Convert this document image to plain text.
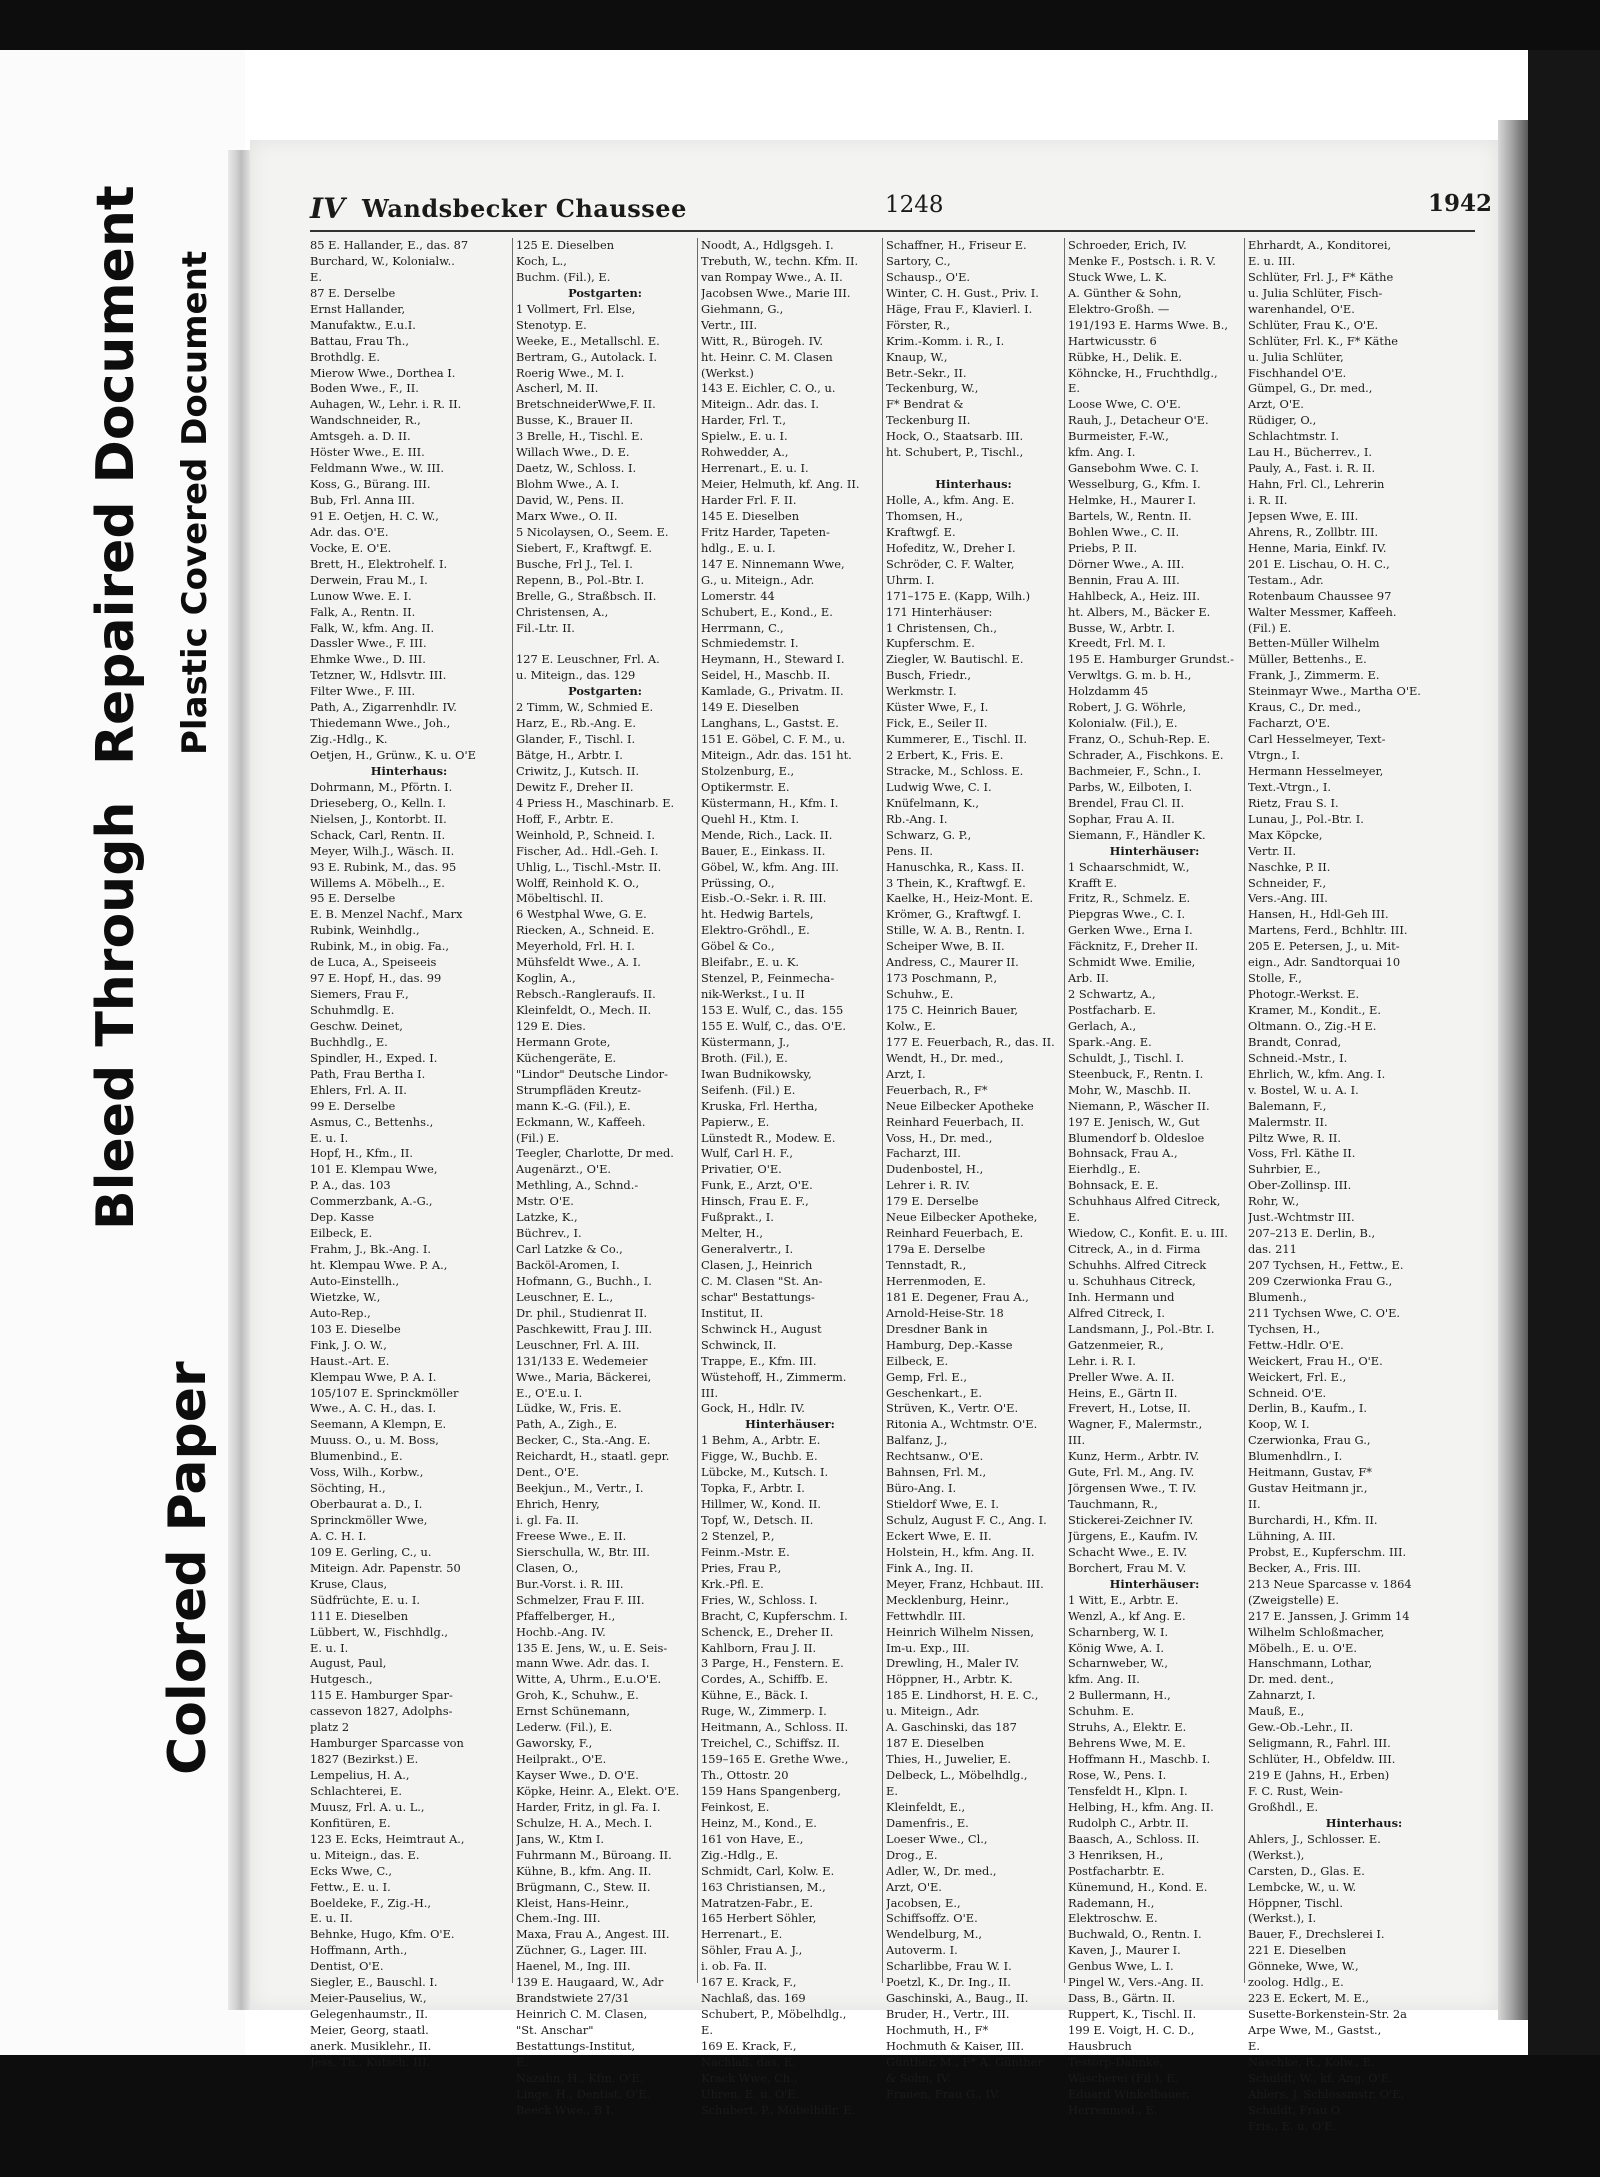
Bleed Through
Repaired Document Plastic Covered Document
Colored Paper
IV Wandsbecker Chaussee	1248	1942
85 E. Hallander, E., das. 87
Burchard, W., Kolonialw..
E.
87 E. Derselbe
Ernst Hallander,
Manufaktw., E.u.I.
Battau, Frau Th.,
Brothdlg. E.
Mierow Wwe., Dorthea I.
Boden Wwe., F., II.
Auhagen, W., Lehr. i. R. II.
Wandschneider, R.,
Amtsgeh. a. D. II.
Höster Wwe., E. III.
Feldmann Wwe., W. III.
Koss, G., Bürang. III.
Bub, Frl. Anna III.
91 E. Oetjen, H. C. W.,
Adr. das. O'E.
Vocke, E. O'E.
Brett, H., Elektrohelf. I.
Derwein, Frau M., I.
Lunow Wwe. E. I.
Falk, A., Rentn. II.
Falk, W., kfm. Ang. II.
Dassler Wwe., F. III.
Ehmke Wwe., D. III.
Tetzner, W., Hdlsvtr. III.
Filter Wwe., F. III.
Path, A., Zigarrenhdlr. IV.
Thiedemann Wwe., Joh.,
Zig.-Hdlg., K.
Oetjen, H., Grünw., K. u. O'E
Hinterhaus:
Dohrmann, M., Pförtn. I.
Drieseberg, O., Kelln. I.
Nielsen, J., Kontorbt. II.
Schack, Carl, Rentn. II.
Meyer, Wilh.J., Wäsch. II.
93 E. Rubink, M., das. 95
Willems A. Möbelh.., E.
95 E. Derselbe
E. B. Menzel Nachf., Marx
Rubink, Weinhdlg.,
Rubink, M., in obig. Fa.,
de Luca, A., Speiseeis
97 E. Hopf, H., das. 99
Siemers, Frau F.,
Schuhmdlg. E.
Geschw. Deinet,
Buchhdlg., E.
Spindler, H., Exped. I.
Path, Frau Bertha I.
Ehlers, Frl. A. II.
99 E. Derselbe
Asmus, C., Bettenhs.,
E. u. I.
Hopf, H., Kfm., II.
101 E. Klempau Wwe,
P. A., das. 103
Commerzbank, A.-G.,
Dep. Kasse
Eilbeck, E.
Frahm, J., Bk.-Ang. I.
ht. Klempau Wwe. P. A.,
Auto-Einstellh.,
Wietzke, W.,
Auto-Rep.,
103 E. Dieselbe
Fink, J. O. W.,
Haust.-Art. E.
Klempau Wwe, P. A. I.
105/107 E. Sprinckmöller
Wwe., A. C. H., das. I.
Seemann, A Klempn, E.
Muuss. O., u. M. Boss,
Blumenbind., E.
Voss, Wilh., Korbw.,
Söchting, H.,
Oberbaurat a. D., I.
Sprinckmöller Wwe,
A. C. H. I.
109 E. Gerling, C., u.
Miteign. Adr. Papenstr. 50
Kruse, Claus,
Südfrüchte, E. u. I.
111 E. Dieselben
Lübbert, W., Fischhdlg.,
E. u. I.
August, Paul,
Hutgesch.,
115 E. Hamburger Spar-
cassevon 1827, Adolphs-
platz 2
Hamburger Sparcasse von
1827 (Bezirkst.) E.
Lempelius, H. A.,
Schlachterei, E.
Muusz, Frl. A. u. L.,
Konfitüren, E.
123 E. Ecks, Heimtraut A.,
u. Miteign., das. E.
Ecks Wwe, C.,
Fettw., E. u. I.
Boeldeke, F., Zig.-H.,
E. u. II.
Behnke, Hugo, Kfm. O'E.
Hoffmann, Arth.,
Dentist, O'E.
Siegler, E., Bauschl. I.
Meier-Pauselius, W.,
Gelegenhaumstr., II.
Meier, Georg, staatl.
anerk. Musiklehr., II.
Jess, Th., Kutsch. III.
125 E. Dieselben
Koch, L.,
Buchm. (Fil.), E.
Postgarten:
1 Vollmert, Frl. Else,
Stenotyp. E.
Weeke, E., Metallschl. E.
Bertram, G., Autolack. I.
Roerig Wwe., M. I.
Ascherl, M. II.
BretschneiderWwe,F. II.
Busse, K., Brauer II.
3 Brelle, H., Tischl. E.
Willach Wwe., D. E.
Daetz, W., Schloss. I.
Blohm Wwe., A. I.
David, W., Pens. II.
Marx Wwe., O. II.
5 Nicolaysen, O., Seem. E.
Siebert, F., Kraftwgf. E.
Busche, Frl J., Tel. I.
Repenn, B., Pol.-Btr. I.
Brelle, G., Straßbsch. II.
Christensen, A.,
Fil.-Ltr. II.
127 E. Leuschner, Frl. A.
u. Miteign., das. 129
Postgarten:
2 Timm, W., Schmied E.
Harz, E., Rb.-Ang. E.
Glander, F., Tischl. I.
Bätge, H., Arbtr. I.
Criwitz, J., Kutsch. II.
Dewitz F., Dreher II.
4 Priess H., Maschinarb. E.
Hoff, F., Arbtr. E.
Weinhold, P., Schneid. I.
Fischer, Ad.. Hdl.-Geh. I.
Uhlig, L., Tischl.-Mstr. II.
Wolff, Reinhold K. O.,
Möbeltischl. II.
6 Westphal Wwe, G. E.
Riecken, A., Schneid. E.
Meyerhold, Frl. H. I.
Mühsfeldt Wwe., A. I.
Koglin, A.,
Rebsch.-Rangleraufs. II.
Kleinfeldt, O., Mech. II.
129 E. Dies.
Hermann Grote,
Küchengeräte, E.
"Lindor" Deutsche Lindor-
Strumpfläden Kreutz-
mann K.-G. (Fil.), E.
Eckmann, W., Kaffeeh.
(Fil.) E.
Teegler, Charlotte, Dr med.
Augenärzt., O'E.
Methling, A., Schnd.-
Mstr. O'E.
Latzke, K.,
Büchrev., I.
Carl Latzke & Co.,
Backöl-Aromen, I.
Hofmann, G., Buchh., I.
Leuschner, E. L.,
Dr. phil., Studienrat II.
Paschkewitt, Frau J. III.
Leuschner, Frl. A. III.
131/133 E. Wedemeier
Wwe., Maria, Bäckerei,
E., O'E.u. I.
Lüdke, W., Fris. E.
Path, A., Zigh., E.
Becker, C., Sta.-Ang. E.
Reichardt, H., staatl. gepr.
Dent., O'E.
Beekjun., M., Vertr., I.
Ehrich, Henry,
i. gl. Fa. II.
Freese Wwe., E. II.
Sierschulla, W., Btr. III.
Clasen, O.,
Bur.-Vorst. i. R. III.
Schmelzer, Frau F. III.
Pfaffelberger, H.,
Hochb.-Ang. IV.
135 E. Jens, W., u. E. Seis-
mann Wwe. Adr. das. I.
Witte, A, Uhrm., E.u.O'E.
Groh, K., Schuhw., E.
Ernst Schünemann,
Lederw. (Fil.), E.
Gaworsky, F.,
Heilprakt., O'E.
Kayser Wwe., D. O'E.
Köpke, Heinr. A., Elekt. O'E.
Harder, Fritz, in gl. Fa. I.
Schulze, H. A., Mech. I.
Jans, W., Ktm I.
Fuhrmann M., Büroang. II.
Kühne, B., kfm. Ang. II.
Brügmann, C., Stew. II.
Kleist, Hans-Heinr.,
Chem.-Ing. III.
Maxa, Frau A., Angest. III.
Züchner, G., Lager. III.
Haenel, M., Ing. III.
139 E. Haugaard, W., Adr
Brandstwiete 27/31
Heinrich C. M. Clasen,
"St. Anschar"
Bestattungs-Institut,
E.
Nazahn, H., Kfm. O'E.
Linge, H., Dentist, O'E.
Beeck Wwe., B I.
Noodt, A., Hdlgsgeh. I.
Trebuth, W., techn. Kfm. II.
van Rompay Wwe., A. II.
Jacobsen Wwe., Marie III.
Giehmann, G.,
Vertr., III.
Witt, R., Bürogeh. IV.
ht. Heinr. C. M. Clasen
(Werkst.)
143 E. Eichler, C. O., u.
Miteign.. Adr. das. I.
Harder, Frl. T.,
Spielw., E. u. I.
Rohwedder, A.,
Herrenart., E. u. I.
Meier, Helmuth, kf. Ang. II.
Harder Frl. F. II.
145 E. Dieselben
Fritz Harder, Tapeten-
hdlg., E. u. I.
147 E. Ninnemann Wwe,
G., u. Miteign., Adr.
Lomerstr. 44
Schubert, E., Kond., E.
Herrmann, C.,
Schmiedemstr. I.
Heymann, H., Steward I.
Seidel, H., Maschb. II.
Kamlade, G., Privatm. II.
149 E. Dieselben
Langhans, L., Gastst. E.
151 E. Göbel, C. F. M., u.
Miteign., Adr. das. 151 ht.
Stolzenburg, E.,
Optikermstr. E.
Küstermann, H., Kfm. I.
Quehl H., Ktm. I.
Mende, Rich., Lack. II.
Bauer, E., Einkass. II.
Göbel, W., kfm. Ang. III.
Prüssing, O.,
Eisb.-O.-Sekr. i. R. III.
ht. Hedwig Bartels,
Elektro-Gröhdl., E.
Göbel & Co.,
Bleifabr., E. u. K.
Stenzel, P., Feinmecha-
nik-Werkst., I u. II
153 E. Wulf, C., das. 155
155 E. Wulf, C., das. O'E.
Küstermann, J.,
Broth. (Fil.), E.
Iwan Budnikowsky,
Seifenh. (Fil.) E.
Kruska, Frl. Hertha,
Papierw., E.
Lünstedt R., Modew. E.
Wulf, Carl H. F.,
Privatier, O'E.
Funk, E., Arzt, O'E.
Hinsch, Frau E. F.,
Fußprakt., I.
Melter, H.,
Generalvertr., I.
Clasen, J., Heinrich
C. M. Clasen "St. An-
schar" Bestattungs-
Institut, II.
Schwinck H., August
Schwinck, II.
Trappe, E., Kfm. III.
Wüstehoff, H., Zimmerm.
III.
Gock, H., Hdlr. IV.
Hinterhäuser:
1 Behm, A., Arbtr. E.
Figge, W., Buchb. E.
Lübcke, M., Kutsch. I.
Topka, F., Arbtr. I.
Hillmer, W., Kond. II.
Topf, W., Detsch. II.
2 Stenzel, P.,
Feinm.-Mstr. E.
Pries, Frau P.,
Krk.-Pfl. E.
Fries, W., Schloss. I.
Bracht, C, Kupferschm. I.
Schenck, E., Dreher II.
Kahlborn, Frau J. II.
3 Parge, H., Fenstern. E.
Cordes, A., Schiffb. E.
Kühne, E., Bäck. I.
Ruge, W., Zimmerp. I.
Heitmann, A., Schloss. II.
Treichel, C., Schiffsz. II.
159–165 E. Grethe Wwe.,
Th., Ottostr. 20
159 Hans Spangenberg,
Feinkost, E.
Heinz, M., Kond., E.
161 von Have, E.,
Zig.-Hdlg., E.
Schmidt, Carl, Kolw. E.
163 Christiansen, M.,
Matratzen-Fabr., E.
165 Herbert Söhler,
Herrenart., E.
Söhler, Frau A. J.,
i. ob. Fa. II.
167 E. Krack, F.,
Nachlaß, das. 169
Schubert, P., Möbelhdlg.,
E.
169 E. Krack, F.,
Nachlaß, das. E.
Krack Wwe, Ch.,
Uhren, E. u. O'E.
Schubert, P., Möbelhdlr. E.
Schaffner, H., Friseur E.
Sartory, C.,
Schausp., O'E.
Winter, C. H. Gust., Priv. I.
Häge, Frau F., Klavierl. I.
Förster, R.,
Krim.-Komm. i. R., I.
Knaup, W.,
Betr.-Sekr., II.
Teckenburg, W.,
F* Bendrat &
Teckenburg II.
Hock, O., Staatsarb. III.
ht. Schubert, P., Tischl.,
Hinterhaus:
Holle, A., kfm. Ang. E.
Thomsen, H.,
Kraftwgf. E.
Hofeditz, W., Dreher I.
Schröder, C. F. Walter,
Uhrm. I.
171–175 E. (Kapp, Wilh.)
171 Hinterhäuser:
1 Christensen, Ch.,
Kupferschm. E.
Ziegler, W. Bautischl. E.
Busch, Friedr.,
Werkmstr. I.
Küster Wwe, F., I.
Fick, E., Seiler II.
Kummerer, E., Tischl. II.
2 Erbert, K., Fris. E.
Stracke, M., Schloss. E.
Ludwig Wwe, C. I.
Knüfelmann, K.,
Rb.-Ang. I.
Schwarz, G. P.,
Pens. II.
Hanuschka, R., Kass. II.
3 Thein, K., Kraftwgf. E.
Kaelke, H., Heiz-Mont. E.
Krömer, G., Kraftwgf. I.
Stille, W. A. B., Rentn. I.
Scheiper Wwe, B. II.
Andress, C., Maurer II.
173 Poschmann, P.,
Schuhw., E.
175 C. Heinrich Bauer,
Kolw., E.
177 E. Feuerbach, R., das. II.
Wendt, H., Dr. med.,
Arzt, I.
Feuerbach, R., F*
Neue Eilbecker Apotheke
Reinhard Feuerbach, II.
Voss, H., Dr. med.,
Facharzt, III.
Dudenbostel, H.,
Lehrer i. R. IV.
179 E. Derselbe
Neue Eilbecker Apotheke,
Reinhard Feuerbach, E.
179a E. Derselbe
Tennstadt, R.,
Herrenmoden, E.
181 E. Degener, Frau A.,
Arnold-Heise-Str. 18
Dresdner Bank in
Hamburg, Dep.-Kasse
Eilbeck, E.
Gemp, Frl. E.,
Geschenkart., E.
Strüven, K., Vertr. O'E.
Ritonia A., Wchtmstr. O'E.
Balfanz, J.,
Rechtsanw., O'E.
Bahnsen, Frl. M.,
Büro-Ang. I.
Stieldorf Wwe, E. I.
Schulz, August F. C., Ang. I.
Eckert Wwe, E. II.
Holstein, H., kfm. Ang. II.
Fink A., Ing. II.
Meyer, Franz, Hchbaut. III.
Mecklenburg, Heinr.,
Fettwhdlr. III.
Heinrich Wilhelm Nissen,
Im-u. Exp., III.
Drewling, H., Maler IV.
Höppner, H., Arbtr. K.
185 E. Lindhorst, H. E. C.,
u. Miteign., Adr.
A. Gaschinski, das 187
187 E. Dieselben
Thies, H., Juwelier, E.
Delbeck, L., Möbelhdlg.,
E.
Kleinfeldt, E.,
Damenfris., E.
Loeser Wwe., Cl.,
Drog., E.
Adler, W., Dr. med.,
Arzt, O'E.
Jacobsen, E.,
Schiffsoffz. O'E.
Wendelburg, M.,
Autoverm. I.
Scharlibbe, Frau W. I.
Poetzl, K., Dr. Ing., II.
Gaschinski, A., Baug., II.
Bruder, H., Vertr., III.
Hochmuth, H., F*
Hochmuth & Kaiser, III.
Günther, M., F* A. Günther
& Sohn, IV.
Frauen, Frau G., IV.
Schroeder, Erich, IV.
Menke F., Postsch. i. R. V.
Stuck Wwe, L. K.
A. Günther & Sohn,
Elektro-Großh. —
191/193 E. Harms Wwe. B.,
Hartwicusstr. 6
Rübke, H., Delik. E.
Köhncke, H., Fruchthdlg.,
E.
Loose Wwe, C. O'E.
Rauh, J., Detacheur O'E.
Burmeister, F.-W.,
kfm. Ang. I.
Gansebohm Wwe. C. I.
Wesselburg, G., Kfm. I.
Helmke, H., Maurer I.
Bartels, W., Rentn. II.
Bohlen Wwe., C. II.
Priebs, P. II.
Dörner Wwe., A. III.
Bennin, Frau A. III.
Hahlbeck, A., Heiz. III.
ht. Albers, M., Bäcker E.
Busse, W., Arbtr. I.
Kreedt, Frl. M. I.
195 E. Hamburger Grundst.-
Verwltgs. G. m. b. H.,
Holzdamm 45
Robert, J. G. Wöhrle,
Kolonialw. (Fil.), E.
Franz, O., Schuh-Rep. E.
Schrader, A., Fischkons. E.
Bachmeier, F., Schn., I.
Parbs, W., Eilboten, I.
Brendel, Frau Cl. II.
Sophar, Frau A. II.
Siemann, F., Händler K.
Hinterhäuser:
1 Schaarschmidt, W.,
Krafft E.
Fritz, R., Schmelz. E.
Piepgras Wwe., C. I.
Gerken Wwe., Erna I.
Fäcknitz, F., Dreher II.
Schmidt Wwe. Emilie,
Arb. II.
2 Schwartz, A.,
Postfacharb. E.
Gerlach, A.,
Spark.-Ang. E.
Schuldt, J., Tischl. I.
Steenbuck, F., Rentn. I.
Mohr, W., Maschb. II.
Niemann, P., Wäscher II.
197 E. Jenisch, W., Gut
Blumendorf b. Oldesloe
Bohnsack, Frau A.,
Eierhdlg., E.
Bohnsack, E. E.
Schuhhaus Alfred Citreck,
E.
Wiedow, C., Konfit. E. u. III.
Citreck, A., in d. Firma
Schuhhs. Alfred Citreck
u. Schuhhaus Citreck,
Inh. Hermann und
Alfred Citreck, I.
Landsmann, J., Pol.-Btr. I.
Gatzenmeier, R.,
Lehr. i. R. I.
Preller Wwe. A. II.
Heins, E., Gärtn II.
Frevert, H., Lotse, II.
Wagner, F., Malermstr.,
III.
Kunz, Herm., Arbtr. IV.
Gute, Frl. M., Ang. IV.
Jörgensen Wwe., T. IV.
Tauchmann, R.,
Stickerei-Zeichner IV.
Jürgens, E., Kaufm. IV.
Schacht Wwe., E. IV.
Borchert, Frau M. V.
Hinterhäuser:
1 Witt, E., Arbtr. E.
Wenzl, A., kf Ang. E.
Scharnberg, W. I.
König Wwe, A. I.
Scharnweber, W.,
kfm. Ang. II.
2 Bullermann, H.,
Schuhm. E.
Struhs, A., Elektr. E.
Behrens Wwe, M. E.
Hoffmann H., Maschb. I.
Rose, W., Pens. I.
Tensfeldt H., Klpn. I.
Helbing, H., kfm. Ang. II.
Rudolph C., Arbtr. II.
Baasch, A., Schloss. II.
3 Henriksen, H.,
Postfacharbtr. E.
Künemund, H., Kond. E.
Rademann, H.,
Elektroschw. E.
Buchwald, O., Rentn. I.
Kaven, J., Maurer I.
Genbus Wwe, L. I.
Pingel W., Vers.-Ang. II.
Dass, B., Gärtn. II.
Ruppert, K., Tischl. II.
199 E. Voigt, H. C. D.,
Hausbruch
Testorp-Dahnke,
Wäscherei (Fil.), E.
Eduard Winkelbauer,
Herrenmod., E.
Ehrhardt, A., Konditorei,
E. u. III.
Schlüter, Frl. J., F* Käthe
u. Julia Schlüter, Fisch-
warenhandel, O'E.
Schlüter, Frau K., O'E.
Schlüter, Frl. K., F* Käthe
u. Julia Schlüter,
Fischhandel O'E.
Gümpel, G., Dr. med.,
Arzt, O'E.
Rüdiger, O.,
Schlachtmstr. I.
Lau H., Bücherrev., I.
Pauly, A., Fast. i. R. II.
Hahn, Frl. Cl., Lehrerin
i. R. II.
Jepsen Wwe, E. III.
Ahrens, R., Zollbtr. III.
Henne, Maria, Einkf. IV.
201 E. Lischau, O. H. C.,
Testam., Adr.
Rotenbaum Chaussee 97
Walter Messmer, Kaffeeh.
(Fil.) E.
Betten-Müller Wilhelm
Müller, Bettenhs., E.
Frank, J., Zimmerm. E.
Steinmayr Wwe., Martha O'E.
Kraus, C., Dr. med.,
Facharzt, O'E.
Carl Hesselmeyer, Text-
Vtrgn., I.
Hermann Hesselmeyer,
Text.-Vtrgn., I.
Rietz, Frau S. I.
Lunau, J., Pol.-Btr. I.
Max Köpcke,
Vertr. II.
Naschke, P. II.
Schneider, F.,
Vers.-Ang. III.
Hansen, H., Hdl-Geh III.
Martens, Ferd., Bchhltr. III.
205 E. Petersen, J., u. Mit-
eign., Adr. Sandtorquai 10
Stolle, F.,
Photogr.-Werkst. E.
Kramer, M., Kondit., E.
Oltmann. O., Zig.-H E.
Brandt, Conrad,
Schneid.-Mstr., I.
Ehrlich, W., kfm. Ang. I.
v. Bostel, W. u. A. I.
Balemann, F.,
Malermstr. II.
Piltz Wwe, R. II.
Voss, Frl. Käthe II.
Suhrbier, E.,
Ober-Zollinsp. III.
Rohr, W.,
Just.-Wchtmstr III.
207–213 E. Derlin, B.,
das. 211
207 Tychsen, H., Fettw., E.
209 Czerwionka Frau G.,
Blumenh.,
211 Tychsen Wwe, C. O'E.
Tychsen, H.,
Fettw.-Hdlr. O'E.
Weickert, Frau H., O'E.
Weickert, Frl. E.,
Schneid. O'E.
Derlin, B., Kaufm., I.
Koop, W. I.
Czerwionka, Frau G.,
Blumenhdlrn., I.
Heitmann, Gustav, F*
Gustav Heitmann jr.,
II.
Burchardi, H., Kfm. II.
Lühning, A. III.
Probst, E., Kupferschm. III.
Becker, A., Fris. III.
213 Neue Sparcasse v. 1864
(Zweigstelle) E.
217 E. Janssen, J. Grimm 14
Wilhelm Schloßmacher,
Möbelh., E. u. O'E.
Hanschmann, Lothar,
Dr. med. dent.,
Zahnarzt, I.
Mauß, E.,
Gew.-Ob.-Lehr., II.
Seligmann, R., Fahrl. III.
Schlüter, H., Obfeldw. III.
219 E (Jahns, H., Erben)
F. C. Rust, Wein-
Großhdl., E.
Hinterhaus:
Ahlers, J., Schlosser. E.
(Werkst.),
Carsten, D., Glas. E.
Lembcke, W., u. W.
Höppner, Tischl.
(Werkst.), I.
Bauer, F., Drechslerei I.
221 E. Dieselben
Gönneke, Wwe, W.,
zoolog. Hdlg., E.
223 E. Eckert, M. E.,
Susette-Borkenstein-Str. 2a
Arpe Wwe, M., Gastst.,
E.
Näschke, R., Kolw., E.
Schuldt, W., kf. Ang. O'E.
Ahlers, J. Schlossmstr. O'E.
Schuldt, Frau O.
Fris., E. u. O'E.
